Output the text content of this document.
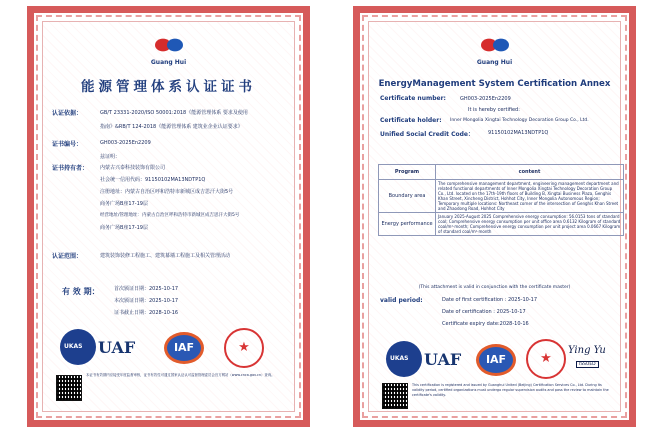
Guang Hui
能源管理体系认证证书
认证依据：	GB/T 23331-2020/ISO 50001:2018《能源管理体系 要求及使用
指南》&RB/T 124-2018《能源管理体系 建筑业企业认证要求》
证书编号：	GH003-2025En2209
兹证明：
证书持有者： 内蒙古兴泰科技装饰有限公司
社会统一信用代码：91150102MA13NDTP1Q
注册地址：内蒙古自治区呼和浩特市新城区成吉思汗大街5号
商务广场B座17-19层
经营地址/管理地址：内蒙古自治区呼和浩特市新城区成吉思汗大街5号
商务广场B座17-19层
认证范围：	建筑装饰装修工程施工、建筑幕墙工程施工及相关管理活动
有 效 期：	首次颁证日期：2025-10-17
本次颁证日期：2025-10-17
证书截止日期：2028-10-16
UKAS UAF	IAF	★
本证书有效期内应接受年度监督审核，证书有效性可通过国家认证认可监督管理委员会官方网站（www.cnca.gov.cn）查询。
Guang Hui
EnergyManagement System Certification Annex
Certificate number:	GH003-2025En2209
It is hereby certified:
Certificate holder: Inner Mongolia Xingtai Technology Decoration Group Co., Ltd.
Unified Social Credit Code：	91150102MA13NDTP1Q
Program	content
Boundary area	The comprehensive management department, engineering management department and related functional departments of Inner Mongolia Xingtai Technology Decoration Group Co., Ltd. located on the 17th-19th floors of Building B, Xingtai Business Plaza, Genghis Khan Street, Xincheng District, Hohhot City, Inner Mongolia Autonomous Region; Temporary multiple locations: Northeast corner of the intersection of Genghis Khan Street and Zhaodong Road, Hohhot City
Energy performance	January 2025-August 2025 Comprehensive energy consumption: 56.0153 tons of standard coal; Comprehensive energy consumption per unit office area 0.6132 Kilogram of standard coal/m²·month; Comprehensive energy consumption per unit project area 0.0667 Kilogram of standard coal/m²·month
(This attachment is valid in conjunction with the certificate master)
valid period:	Date of first certification : 2025-10-17
Date of certification : 2025-10-17
Certificate expiry date:2028-10-16
UKAS UAF	IAF	★
Ying Yu
ISSUED
This certification is registered and issued by Guanghui United (Beijing) Certification Services Co., Ltd. During its validity period, certified organizations must undergo regular supervision audits and pass the review to maintain the certificate's validity.
